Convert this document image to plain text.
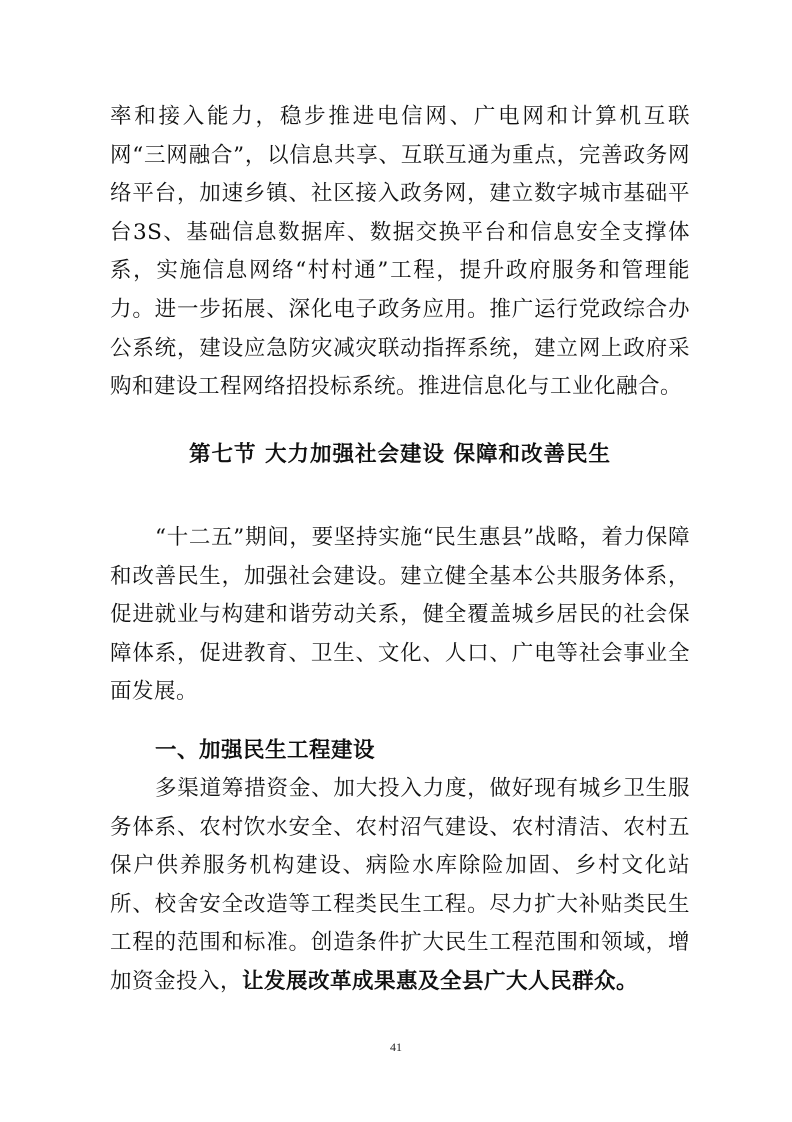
率和接入能力，稳步推进电信网、广电网和计算机互联网“三网融合”，以信息共享、互联互通为重点，完善政务网络平台，加速乡镇、社区接入政务网，建立数字城市基础平台3S、基础信息数据库、数据交换平台和信息安全支撑体系，实施信息网络“村村通”工程，提升政府服务和管理能力。进一步拓展、深化电子政务应用。推广运行党政综合办公系统，建设应急防灾减灾联动指挥系统，建立网上政府采购和建设工程网络招投标系统。推进信息化与工业化融合。

第七节 大力加强社会建设 保障和改善民生

“十二五”期间，要坚持实施“民生惠县”战略，着力保障和改善民生，加强社会建设。建立健全基本公共服务体系，促进就业与构建和谐劳动关系，健全覆盖城乡居民的社会保障体系，促进教育、卫生、文化、人口、广电等社会事业全面发展。

一、加强民生工程建设

多渠道筹措资金、加大投入力度，做好现有城乡卫生服务体系、农村饮水安全、农村沼气建设、农村清洁、农村五保户供养服务机构建设、病险水库除险加固、乡村文化站所、校舍安全改造等工程类民生工程。尽力扩大补贴类民生工程的范围和标准。创造条件扩大民生工程范围和领域，增加资金投入，让发展改革成果惠及全县广大人民群众。

41
